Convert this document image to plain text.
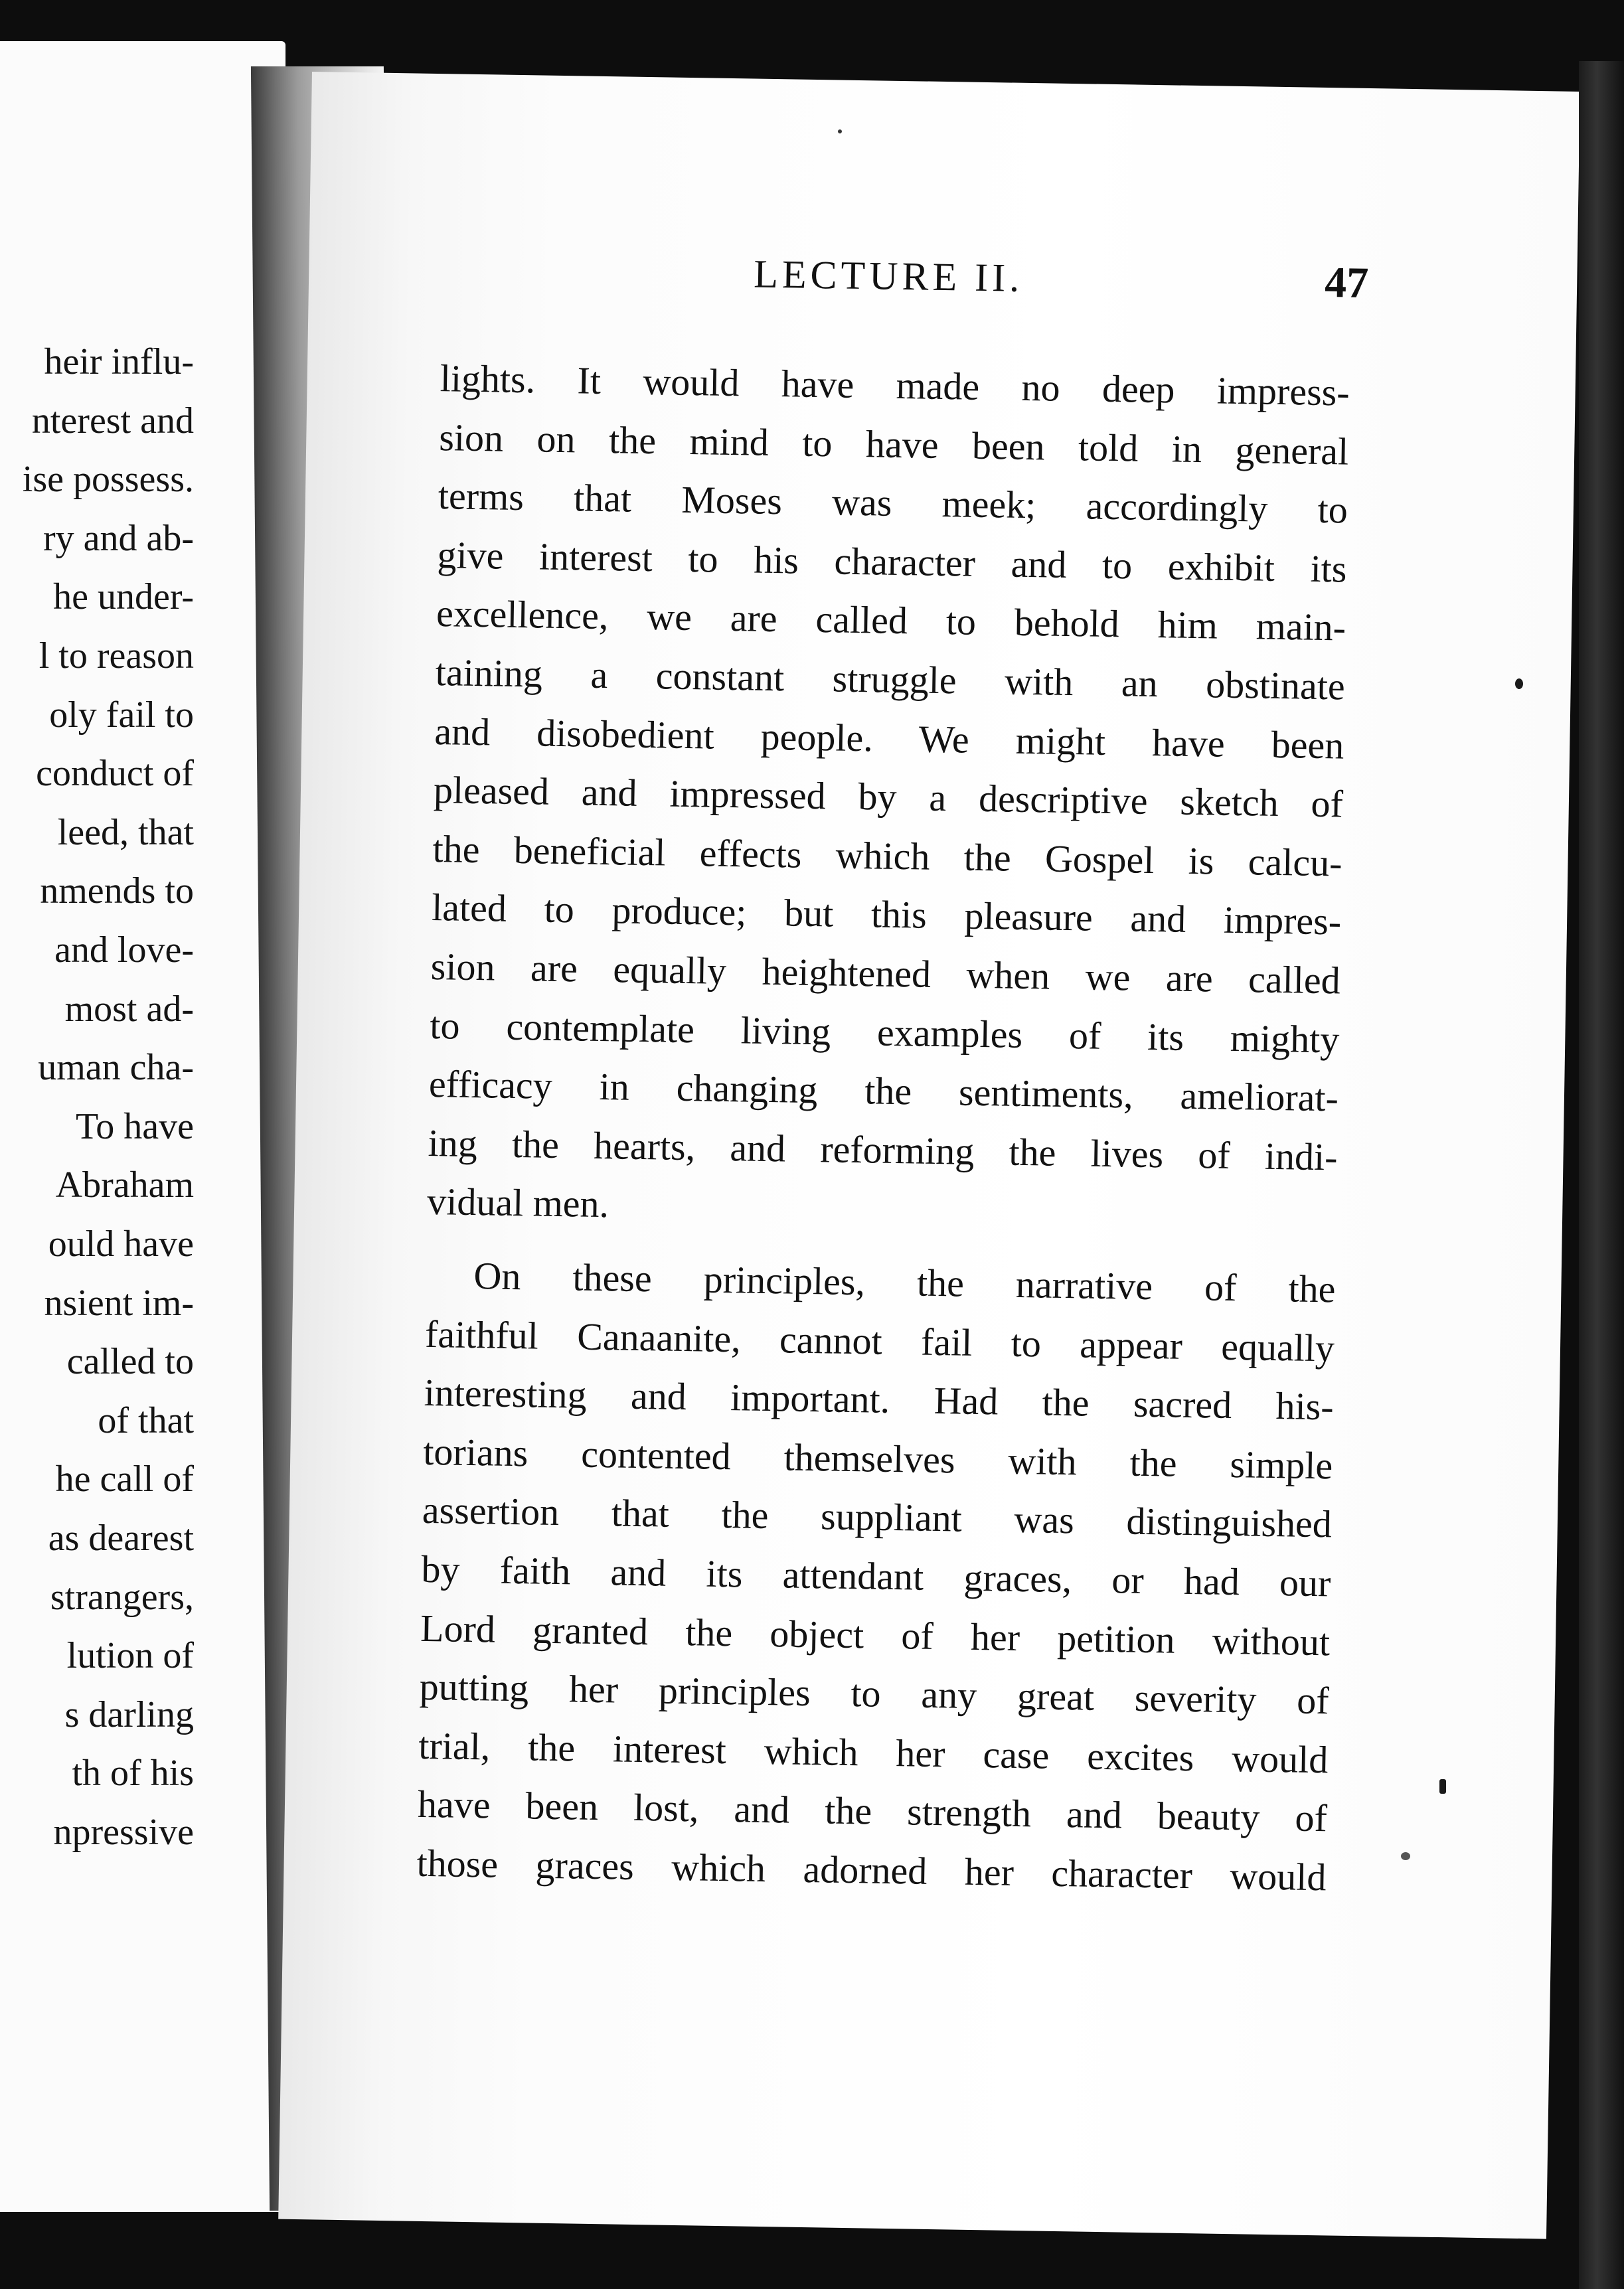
heir influ-
nterest and
ise possess.
ry and ab-
he under-
l to reason
oly fail to
conduct of
leed, that
nmends to
and love-
most ad-
uman cha-
To have
Abraham
ould have
nsient im-
called to
of that
he call of
as dearest
strangers,
lution of
s darling
th of his
npressive
LECTURE II.	47
lights. It would have made no deep impress-
sion on the mind to have been told in general
terms that Moses was meek; accordingly to
give interest to his character and to exhibit its
excellence, we are called to behold him main-
taining a constant struggle with an obstinate
and disobedient people. We might have been
pleased and impressed by a descriptive sketch of
the beneficial effects which the Gospel is calcu-
lated to produce; but this pleasure and impres-
sion are equally heightened when we are called
to contemplate living examples of its mighty
efficacy in changing the sentiments, ameliorat-
ing the hearts, and reforming the lives of indi-
vidual men.
On these principles, the narrative of the
faithful Canaanite, cannot fail to appear equally
interesting and important. Had the sacred his-
torians contented themselves with the simple
assertion that the suppliant was distinguished
by faith and its attendant graces, or had our
Lord granted the object of her petition without
putting her principles to any great severity of
trial, the interest which her case excites would
have been lost, and the strength and beauty of
those graces which adorned her character would
